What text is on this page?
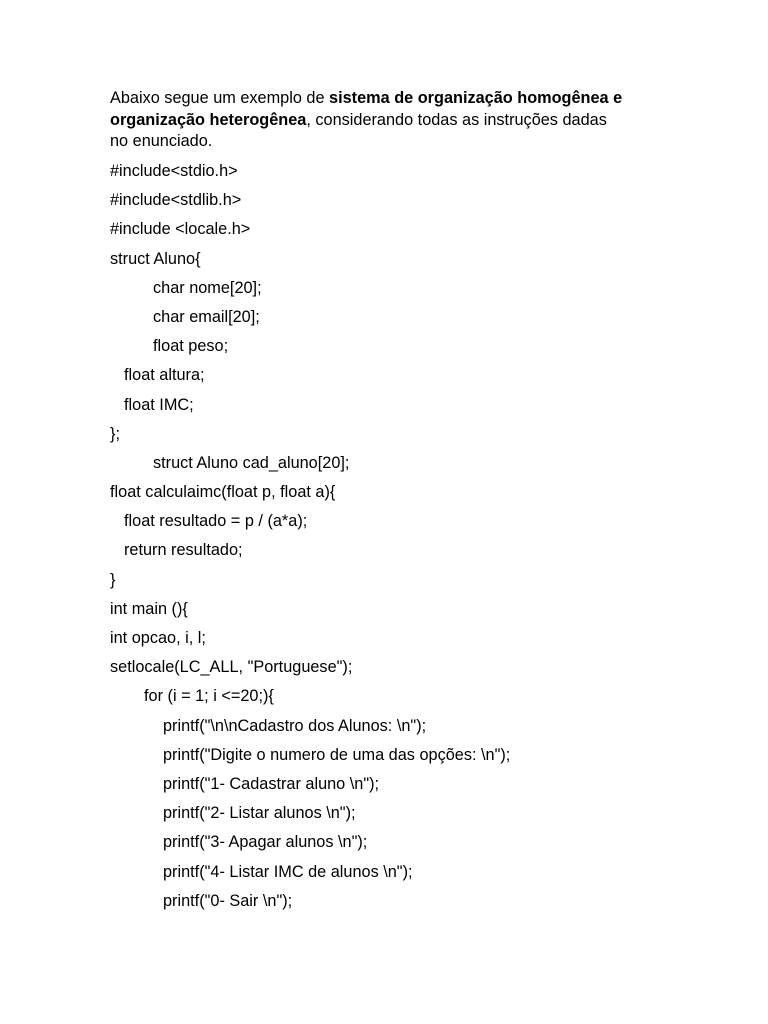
Abaixo segue um exemplo de sistema de organização homogênea e
organização heterogênea, considerando todas as instruções dadas
no enunciado.
#include<stdio.h>
#include<stdlib.h>
#include <locale.h>
struct Aluno{
char nome[20];
char email[20];
float peso;
float altura;
float IMC;
};
struct Aluno cad_aluno[20];
float calculaimc(float p, float a){
float resultado = p / (a*a);
return resultado;
}
int main (){
int opcao, i, l;
setlocale(LC_ALL, "Portuguese");
for (i = 1; i <=20;){
printf("\n\nCadastro dos Alunos: \n");
printf("Digite o numero de uma das opções: \n");
printf("1- Cadastrar aluno \n");
printf("2- Listar alunos \n");
printf("3- Apagar alunos \n");
printf("4- Listar IMC de alunos \n");
printf("0- Sair \n");
